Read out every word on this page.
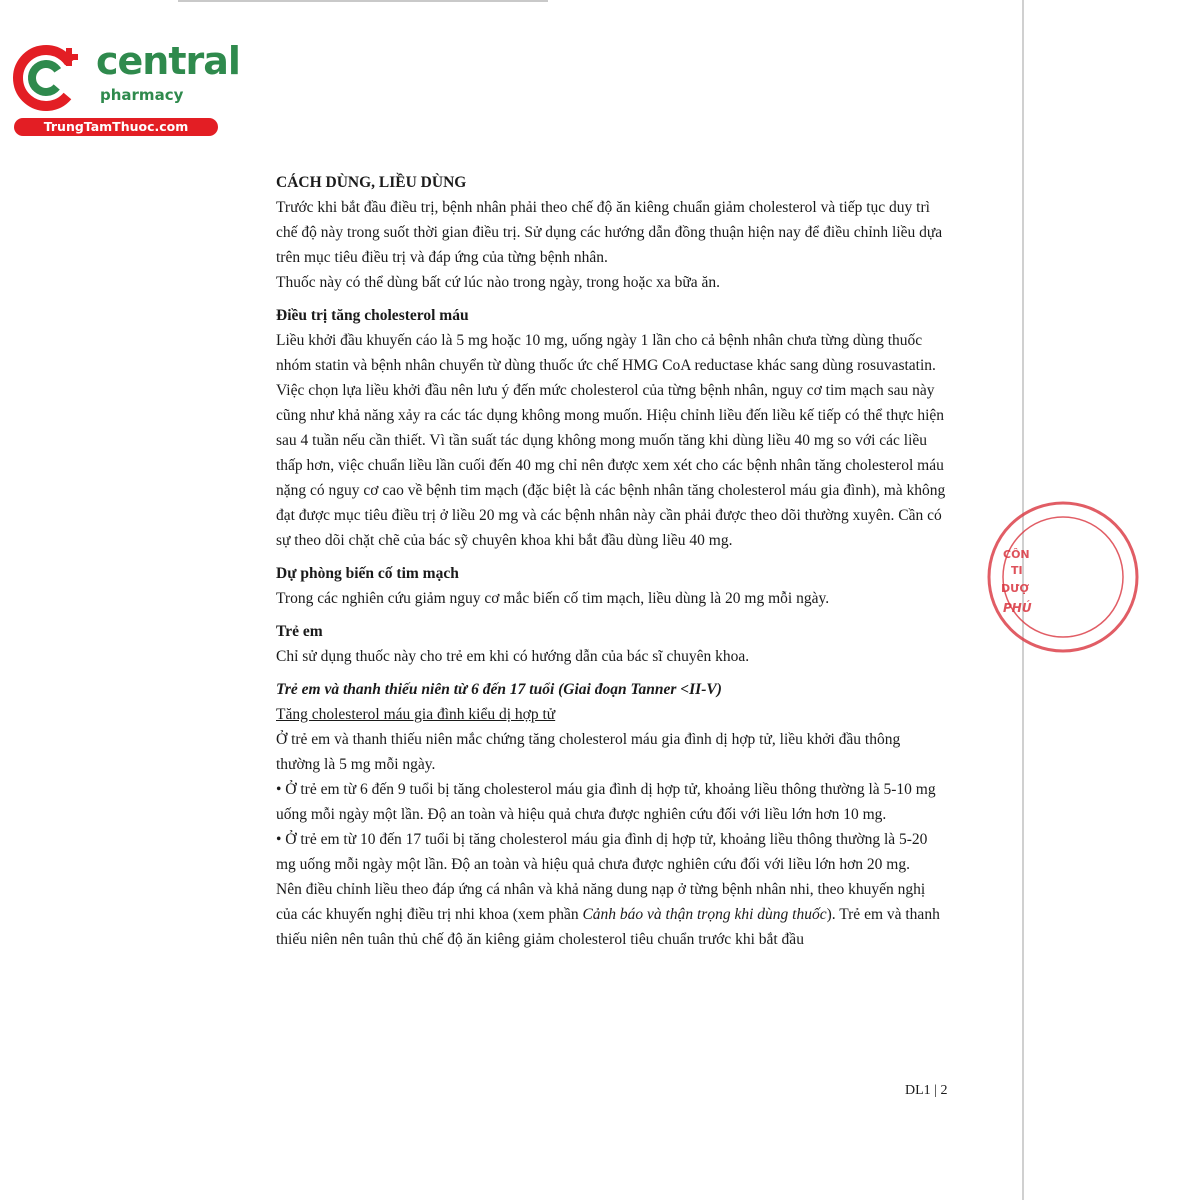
central
pharmacy
TrungTamThuoc.com
CÔN
TI
DƯỢ
PHÚ

CÁCH DÙNG, LIỀU DÙNG

Trước khi bắt đầu điều trị, bệnh nhân phải theo chế độ ăn kiêng chuẩn giảm cholesterol và tiếp tục duy trì chế độ này trong suốt thời gian điều trị. Sử dụng các hướng dẫn đồng thuận hiện nay để điều chỉnh liều dựa trên mục tiêu điều trị và đáp ứng của từng bệnh nhân.

Thuốc này có thể dùng bất cứ lúc nào trong ngày, trong hoặc xa bữa ăn.

Điều trị tăng cholesterol máu

Liều khởi đầu khuyến cáo là 5 mg hoặc 10 mg, uống ngày 1 lần cho cả bệnh nhân chưa từng dùng thuốc nhóm statin và bệnh nhân chuyển từ dùng thuốc ức chế HMG CoA reductase khác sang dùng rosuvastatin. Việc chọn lựa liều khởi đầu nên lưu ý đến mức cholesterol của từng bệnh nhân, nguy cơ tim mạch sau này cũng như khả năng xảy ra các tác dụng không mong muốn. Hiệu chỉnh liều đến liều kế tiếp có thể thực hiện sau 4 tuần nếu cần thiết. Vì tần suất tác dụng không mong muốn tăng khi dùng liều 40 mg so với các liều thấp hơn, việc chuẩn liều lần cuối đến 40 mg chỉ nên được xem xét cho các bệnh nhân tăng cholesterol máu nặng có nguy cơ cao về bệnh tim mạch (đặc biệt là các bệnh nhân tăng cholesterol máu gia đình), mà không đạt được mục tiêu điều trị ở liều 20 mg và các bệnh nhân này cần phải được theo dõi thường xuyên. Cần có sự theo dõi chặt chẽ của bác sỹ chuyên khoa khi bắt đầu dùng liều 40 mg.

Dự phòng biến cố tim mạch

Trong các nghiên cứu giảm nguy cơ mắc biến cố tim mạch, liều dùng là 20 mg mỗi ngày.

Trẻ em

Chỉ sử dụng thuốc này cho trẻ em khi có hướng dẫn của bác sĩ chuyên khoa.

Trẻ em và thanh thiếu niên từ 6 đến 17 tuổi (Giai đoạn Tanner <II-V)

Tăng cholesterol máu gia đình kiểu dị hợp tử

Ở trẻ em và thanh thiếu niên mắc chứng tăng cholesterol máu gia đình dị hợp tử, liều khởi đầu thông thường là 5 mg mỗi ngày.

• Ở trẻ em từ 6 đến 9 tuổi bị tăng cholesterol máu gia đình dị hợp tử, khoảng liều thông thường là 5-10 mg uống mỗi ngày một lần. Độ an toàn và hiệu quả chưa được nghiên cứu đối với liều lớn hơn 10 mg.

• Ở trẻ em từ 10 đến 17 tuổi bị tăng cholesterol máu gia đình dị hợp tử, khoảng liều thông thường là 5-20 mg uống mỗi ngày một lần. Độ an toàn và hiệu quả chưa được nghiên cứu đối với liều lớn hơn 20 mg.

Nên điều chỉnh liều theo đáp ứng cá nhân và khả năng dung nạp ở từng bệnh nhân nhi, theo khuyến nghị của các khuyến nghị điều trị nhi khoa (xem phần Cảnh báo và thận trọng khi dùng thuốc). Trẻ em và thanh thiếu niên nên tuân thủ chế độ ăn kiêng giảm cholesterol tiêu chuẩn trước khi bắt đầu

DL1 | 2
